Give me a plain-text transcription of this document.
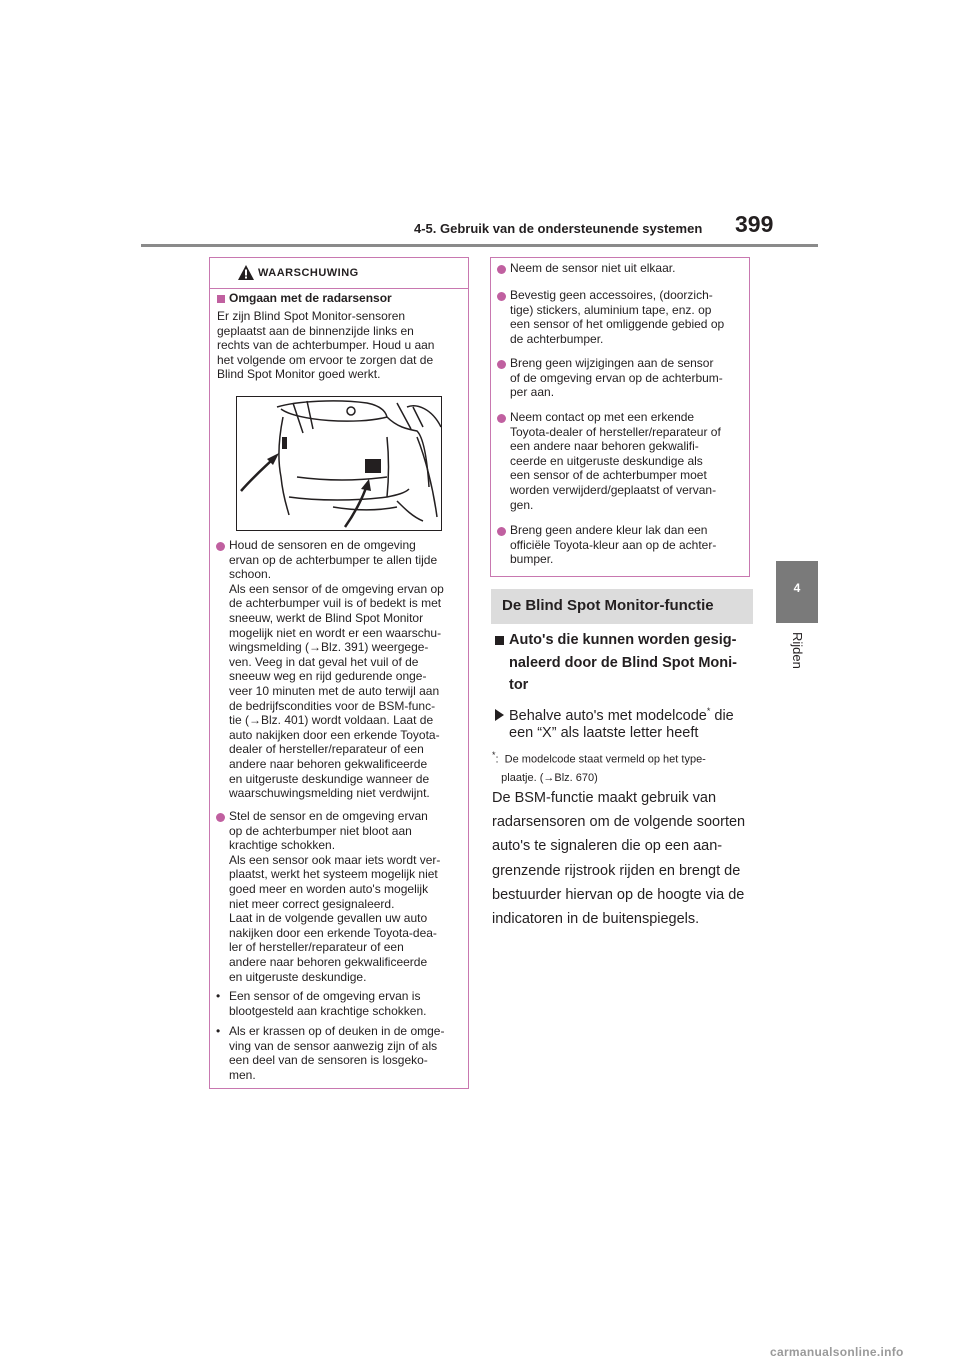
4-5. Gebruik van de ondersteunende systemen 399
4
Rijden
WAARSCHUWING
Omgaan met de radarsensor
Er zijn Blind Spot Monitor-sensoren
geplaatst aan de binnenzijde links en
rechts van de achterbumper. Houd u aan
het volgende om ervoor te zorgen dat de
Blind Spot Monitor goed werkt.
Houd de sensoren en de omgeving
ervan op de achterbumper te allen tijde
schoon.
Als een sensor of de omgeving ervan op
de achterbumper vuil is of bedekt is met
sneeuw, werkt de Blind Spot Monitor
mogelijk niet en wordt er een waarschu-
wingsmelding (→Blz. 391) weergege-
ven. Veeg in dat geval het vuil of de
sneeuw weg en rijd gedurende onge-
veer 10 minuten met de auto terwijl aan
de bedrijfscondities voor de BSM-func-
tie (→Blz. 401) wordt voldaan. Laat de
auto nakijken door een erkende Toyota-
dealer of hersteller/reparateur of een
andere naar behoren gekwalificeerde
en uitgeruste deskundige wanneer de
waarschuwingsmelding niet verdwijnt.
Stel de sensor en de omgeving ervan
op de achterbumper niet bloot aan
krachtige schokken.
Als een sensor ook maar iets wordt ver-
plaatst, werkt het systeem mogelijk niet
goed meer en worden auto's mogelijk
niet meer correct gesignaleerd.
Laat in de volgende gevallen uw auto
nakijken door een erkende Toyota-dea-
ler of hersteller/reparateur of een
andere naar behoren gekwalificeerde
en uitgeruste deskundige.
• Een sensor of de omgeving ervan is
blootgesteld aan krachtige schokken.
• Als er krassen op of deuken in de omge-
ving van de sensor aanwezig zijn of als
een deel van de sensoren is losgeko-
men.
Neem de sensor niet uit elkaar.
Bevestig geen accessoires, (doorzich-
tige) stickers, aluminium tape, enz. op
een sensor of het omliggende gebied op
de achterbumper.
Breng geen wijzigingen aan de sensor
of de omgeving ervan op de achterbum-
per aan.
Neem contact op met een erkende
Toyota-dealer of hersteller/reparateur of
een andere naar behoren gekwalifi-
ceerde en uitgeruste deskundige als
een sensor of de achterbumper moet
worden verwijderd/geplaatst of vervan-
gen.
Breng geen andere kleur lak dan een
officiële Toyota-kleur aan op de achter-
bumper.
De Blind Spot Monitor-functie
Auto's die kunnen worden gesig-
naleerd door de Blind Spot Moni-
tor
Behalve auto's met modelcode* die
een “X” als laatste letter heeft
*:  De modelcode staat vermeld op het type-
plaatje. (→Blz. 670)
De BSM-functie maakt gebruik van
radarsensoren om de volgende soorten
auto's te signaleren die op een aan-
grenzende rijstrook rijden en brengt de
bestuurder hiervan op de hoogte via de
indicatoren in de buitenspiegels.
carmanualsonline.info
